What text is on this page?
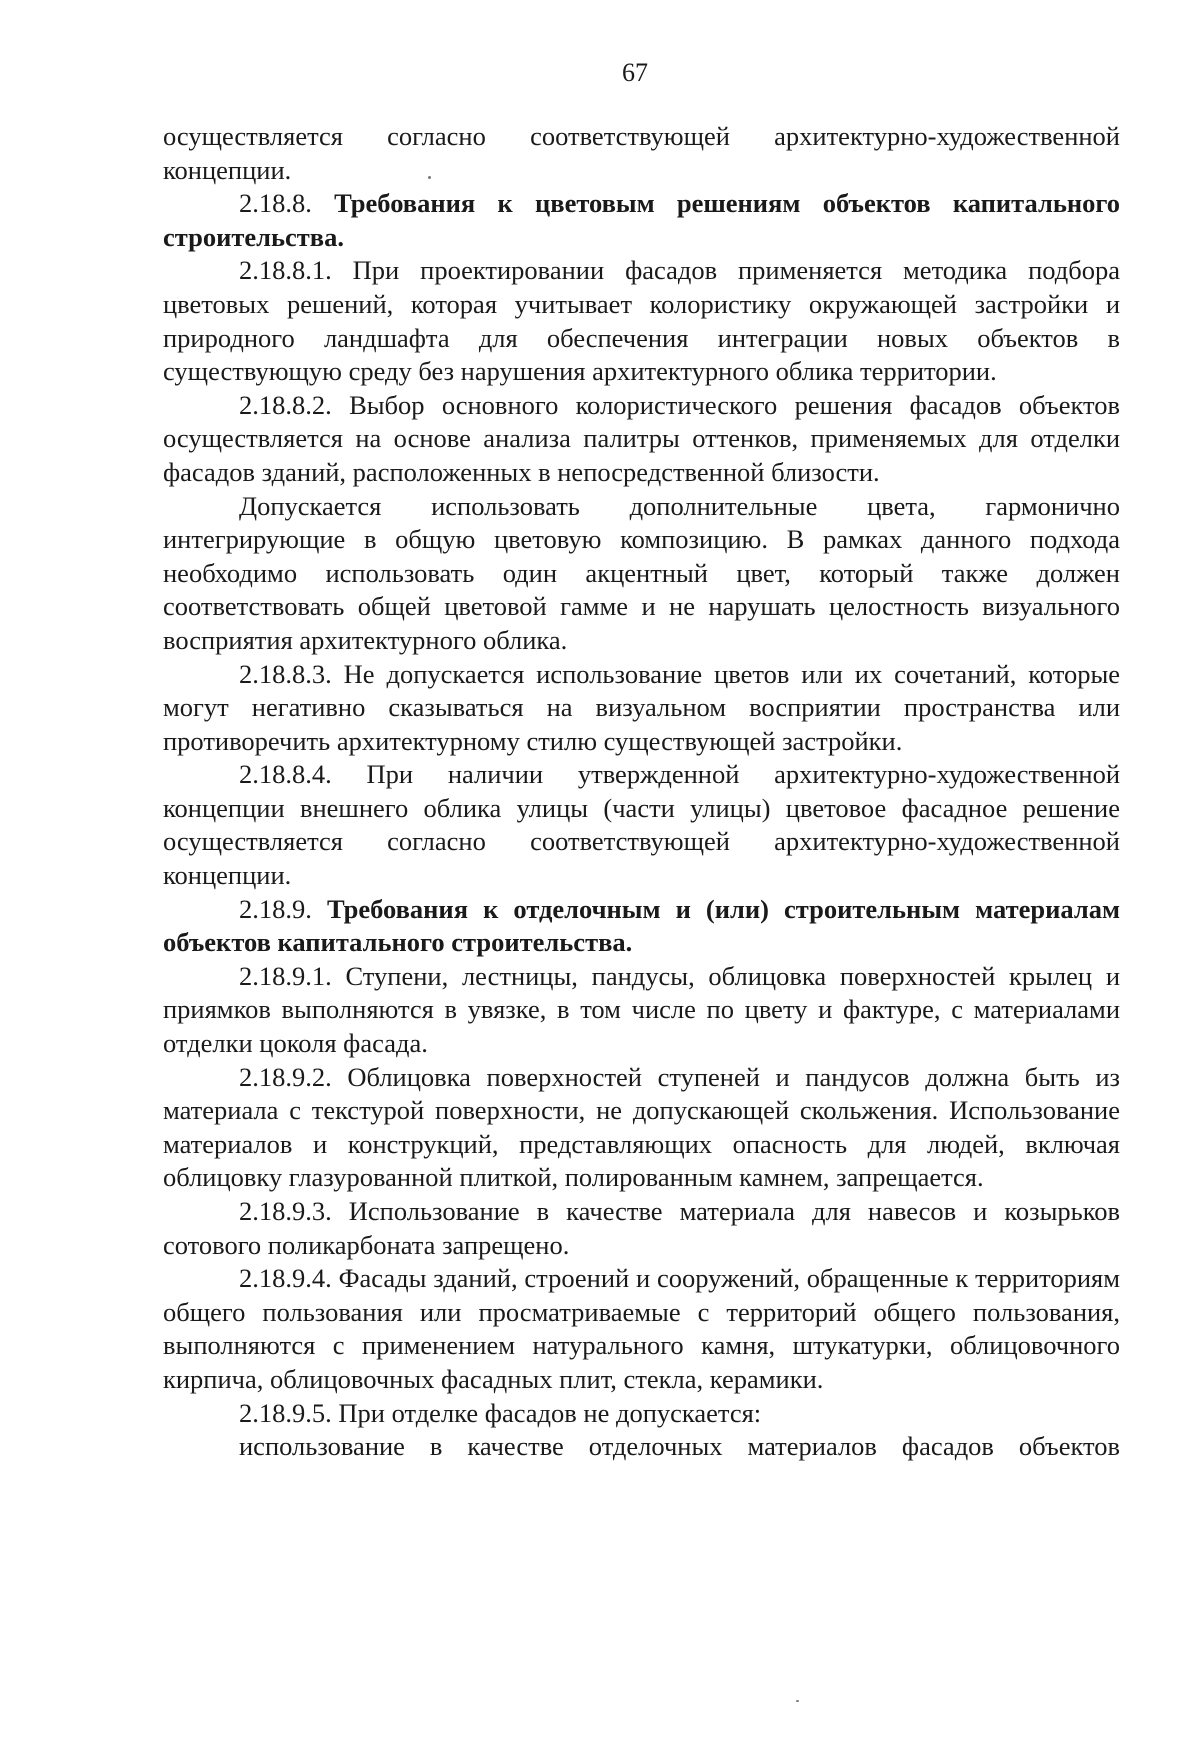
67

осуществляется согласно соответствующей архитектурно-художественной концепции.

2.18.8. Требования к цветовым решениям объектов капитального строительства.

2.18.8.1. При проектировании фасадов применяется методика подбора цветовых решений, которая учитывает колористику окружающей застройки и природного ландшафта для обеспечения интеграции новых объектов в существующую среду без нарушения архитектурного облика территории.

2.18.8.2. Выбор основного колористического решения фасадов объектов осуществляется на основе анализа палитры оттенков, применяемых для отделки фасадов зданий, расположенных в непосредственной близости.

Допускается использовать дополнительные цвета, гармонично интегрирующие в общую цветовую композицию. В рамках данного подхода необходимо использовать один акцентный цвет, который также должен соответствовать общей цветовой гамме и не нарушать целостность визуального восприятия архитектурного облика.

2.18.8.3. Не допускается использование цветов или их сочетаний, которые могут негативно сказываться на визуальном восприятии пространства или противоречить архитектурному стилю существующей застройки.

2.18.8.4. При наличии утвержденной архитектурно-художественной концепции внешнего облика улицы (части улицы) цветовое фасадное решение осуществляется согласно соответствующей архитектурно-художественной концепции.

2.18.9. Требования к отделочным и (или) строительным материалам объектов капитального строительства.

2.18.9.1. Ступени, лестницы, пандусы, облицовка поверхностей крылец и приямков выполняются в увязке, в том числе по цвету и фактуре, с материалами отделки цоколя фасада.

2.18.9.2. Облицовка поверхностей ступеней и пандусов должна быть из материала с текстурой поверхности, не допускающей скольжения. Использование материалов и конструкций, представляющих опасность для людей, включая облицовку глазурованной плиткой, полированным камнем, запрещается.

2.18.9.3. Использование в качестве материала для навесов и козырьков сотового поликарбоната запрещено.

2.18.9.4. Фасады зданий, строений и сооружений, обращенные к территориям общего пользования или просматриваемые с территорий общего пользования, выполняются с применением натурального камня, штукатурки, облицовочного кирпича, облицовочных фасадных плит, стекла, керамики.

2.18.9.5. При отделке фасадов не допускается:

использование в качестве отделочных материалов фасадов объектов
